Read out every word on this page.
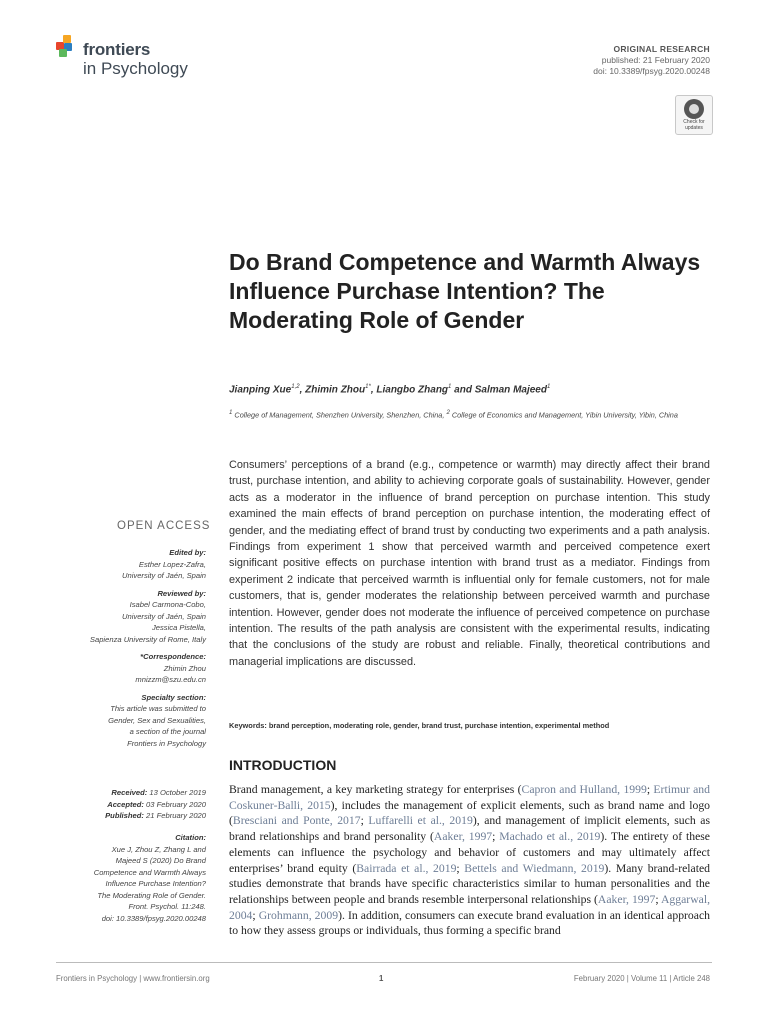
frontiers
in Psychology
ORIGINAL RESEARCH
published: 21 February 2020
doi: 10.3389/fpsyg.2020.00248
Check for updates
Do Brand Competence and Warmth Always Influence Purchase Intention? The Moderating Role of Gender
Jianping Xue$^{1,2}$, Zhimin Zhou$^{1*}$, Liangbo Zhang$^1$ and Salman Majeed$^1$
$^1$ College of Management, Shenzhen University, Shenzhen, China, $^2$ College of Economics and Management, Yibin University, Yibin, China
Consumers’ perceptions of a brand (e.g., competence or warmth) may directly affect their brand trust, purchase intention, and ability to achieving corporate goals of sustainability. However, gender acts as a moderator in the influence of brand perception on purchase intention. This study examined the main effects of brand perception on purchase intention, the moderating effect of gender, and the mediating effect of brand trust by conducting two experiments and a path analysis. Findings from experiment 1 show that perceived warmth and perceived competence exert significant positive effects on purchase intention with brand trust as a mediator. Findings from experiment 2 indicate that perceived warmth is influential only for female customers, not for male customers, that is, gender moderates the relationship between perceived warmth and purchase intention. However, gender does not moderate the influence of perceived competence on purchase intention. The results of the path analysis are consistent with the experimental results, indicating that the conclusions of the study are robust and reliable. Finally, theoretical contributions and managerial implications are discussed.
Keywords: brand perception, moderating role, gender, brand trust, purchase intention, experimental method
INTRODUCTION
Brand management, a key marketing strategy for enterprises (Capron and Hulland, 1999; Ertimur and Coskuner-Balli, 2015), includes the management of explicit elements, such as brand name and logo (Bresciani and Ponte, 2017; Luffarelli et al., 2019), and management of implicit elements, such as brand relationships and brand personality (Aaker, 1997; Machado et al., 2019). The entirety of these elements can influence the psychology and behavior of customers and may ultimately affect enterprises’ brand equity (Bairrada et al., 2019; Bettels and Wiedmann, 2019). Many brand-related studies demonstrate that brands have specific characteristics similar to human personalities and the relationships between people and brands resemble interpersonal relationships (Aaker, 1997; Aggarwal, 2004; Grohmann, 2009). In addition, consumers can execute brand evaluation in an identical approach to how they assess groups or individuals, thus forming a specific brand
OPEN ACCESS
Edited by:
Esther Lopez-Zafra,
University of Jaén, Spain
Reviewed by:
Isabel Carmona-Cobo,
University of Jaén, Spain
Jessica Pistella,
Sapienza University of Rome, Italy
*Correspondence:
Zhimin Zhou
mnizzm@szu.edu.cn
Specialty section:
This article was submitted to
Gender, Sex and Sexualities,
a section of the journal
Frontiers in Psychology
Received: 13 October 2019
Accepted: 03 February 2020
Published: 21 February 2020
Citation:
Xue J, Zhou Z, Zhang L and
Majeed S (2020) Do Brand
Competence and Warmth Always
Influence Purchase Intention?
The Moderating Role of Gender.
Front. Psychol. 11:248.
doi: 10.3389/fpsyg.2020.00248
Frontiers in Psychology | www.frontiersin.org	1	February 2020 | Volume 11 | Article 248
